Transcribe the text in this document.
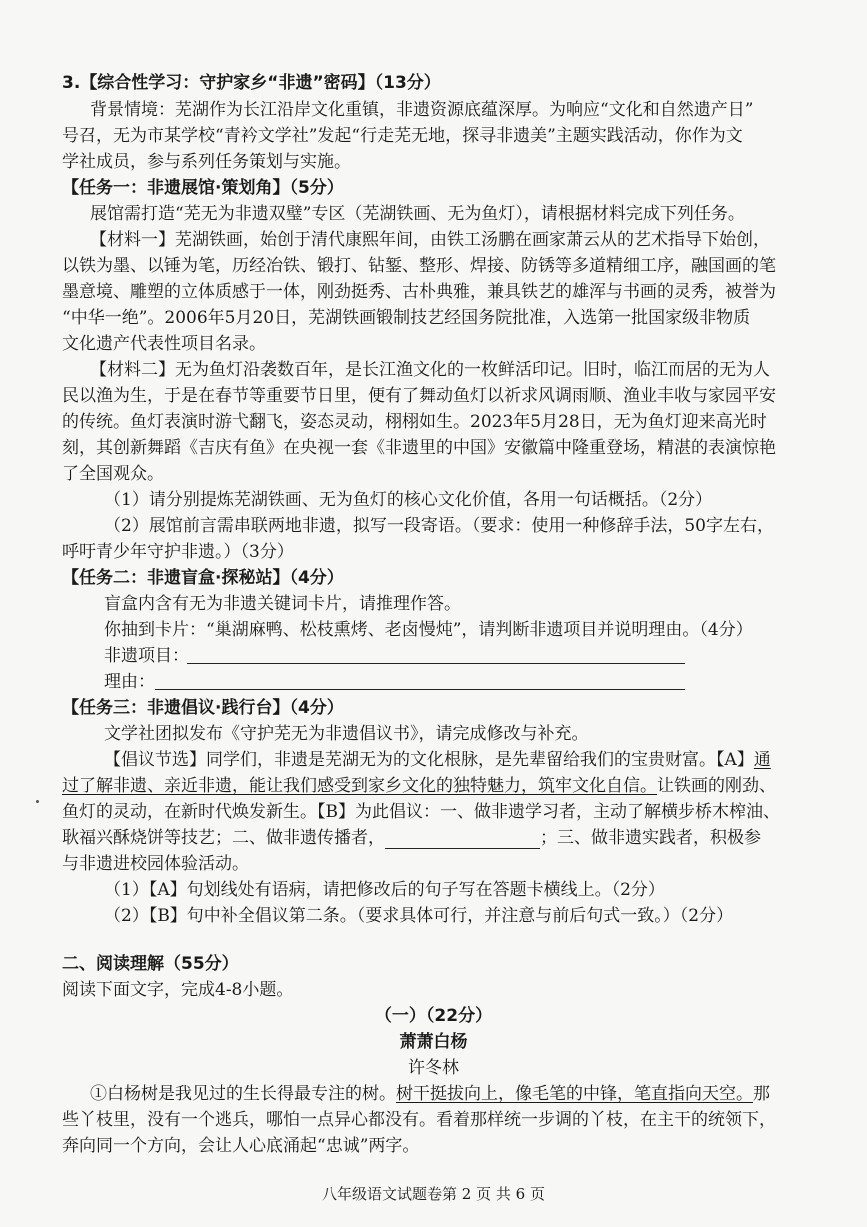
3.【综合性学习：守护家乡“非遗”密码】（13分）
背景情境：芜湖作为长江沿岸文化重镇，非遗资源底蕴深厚。为响应“文化和自然遗产日”
号召，无为市某学校“青衿文学社”发起“行走芜无地，探寻非遗美”主题实践活动，你作为文
学社成员，参与系列任务策划与实施。
【任务一：非遗展馆·策划角】（5分）
展馆需打造“芜无为非遗双璧”专区（芜湖铁画、无为鱼灯），请根据材料完成下列任务。
【材料一】芜湖铁画，始创于清代康熙年间，由铁工汤鹏在画家萧云从的艺术指导下始创，
以铁为墨、以锤为笔，历经冶铁、锻打、钻錾、整形、焊接、防锈等多道精细工序，融国画的笔
墨意境、雕塑的立体质感于一体，刚劲挺秀、古朴典雅，兼具铁艺的雄浑与书画的灵秀，被誉为
“中华一绝”。2006年5月20日，芜湖铁画锻制技艺经国务院批准，入选第一批国家级非物质
文化遗产代表性项目名录。
【材料二】无为鱼灯沿袭数百年，是长江渔文化的一枚鲜活印记。旧时，临江而居的无为人
民以渔为生，于是在春节等重要节日里，便有了舞动鱼灯以祈求风调雨顺、渔业丰收与家园平安
的传统。鱼灯表演时游弋翻飞，姿态灵动，栩栩如生。2023年5月28日，无为鱼灯迎来高光时
刻，其创新舞蹈《吉庆有鱼》在央视一套《非遗里的中国》安徽篇中隆重登场，精湛的表演惊艳
了全国观众。
（1）请分别提炼芜湖铁画、无为鱼灯的核心文化价值，各用一句话概括。（2分）
（2）展馆前言需串联两地非遗，拟写一段寄语。（要求：使用一种修辞手法，50字左右，
呼吁青少年守护非遗。）（3分）
【任务二：非遗盲盒·探秘站】（4分）
盲盒内含有无为非遗关键词卡片，请推理作答。
你抽到卡片：“巢湖麻鸭、松枝熏烤、老卤慢炖”，请判断非遗项目并说明理由。（4分）
非遗项目：
理由：
【任务三：非遗倡议·践行台】（4分）
文学社团拟发布《守护芜无为非遗倡议书》，请完成修改与补充。
【倡议节选】同学们，非遗是芜湖无为的文化根脉，是先辈留给我们的宝贵财富。【A】通
过了解非遗、亲近非遗，能让我们感受到家乡文化的独特魅力，筑牢文化自信。让铁画的刚劲、
鱼灯的灵动，在新时代焕发新生。【B】为此倡议：一、做非遗学习者，主动了解横步桥木榨油、
耿福兴酥烧饼等技艺；二、做非遗传播者，	；三、做非遗实践者，积极参
与非遗进校园体验活动。
（1）【A】句划线处有语病，请把修改后的句子写在答题卡横线上。（2分）
（2）【B】句中补全倡议第二条。（要求具体可行，并注意与前后句式一致。）（2分）
二、阅读理解（55分）
阅读下面文字，完成4-8小题。
（一）（22分）
萧萧白杨
许冬林
①白杨树是我见过的生长得最专注的树。树干挺拔向上，像毛笔的中锋，笔直指向天空。那
些丫枝里，没有一个逃兵，哪怕一点异心都没有。看着那样统一步调的丫枝，在主干的统领下，
奔向同一个方向，会让人心底涌起“忠诚”两字。
八年级语文试题卷第 2 页 共 6 页
